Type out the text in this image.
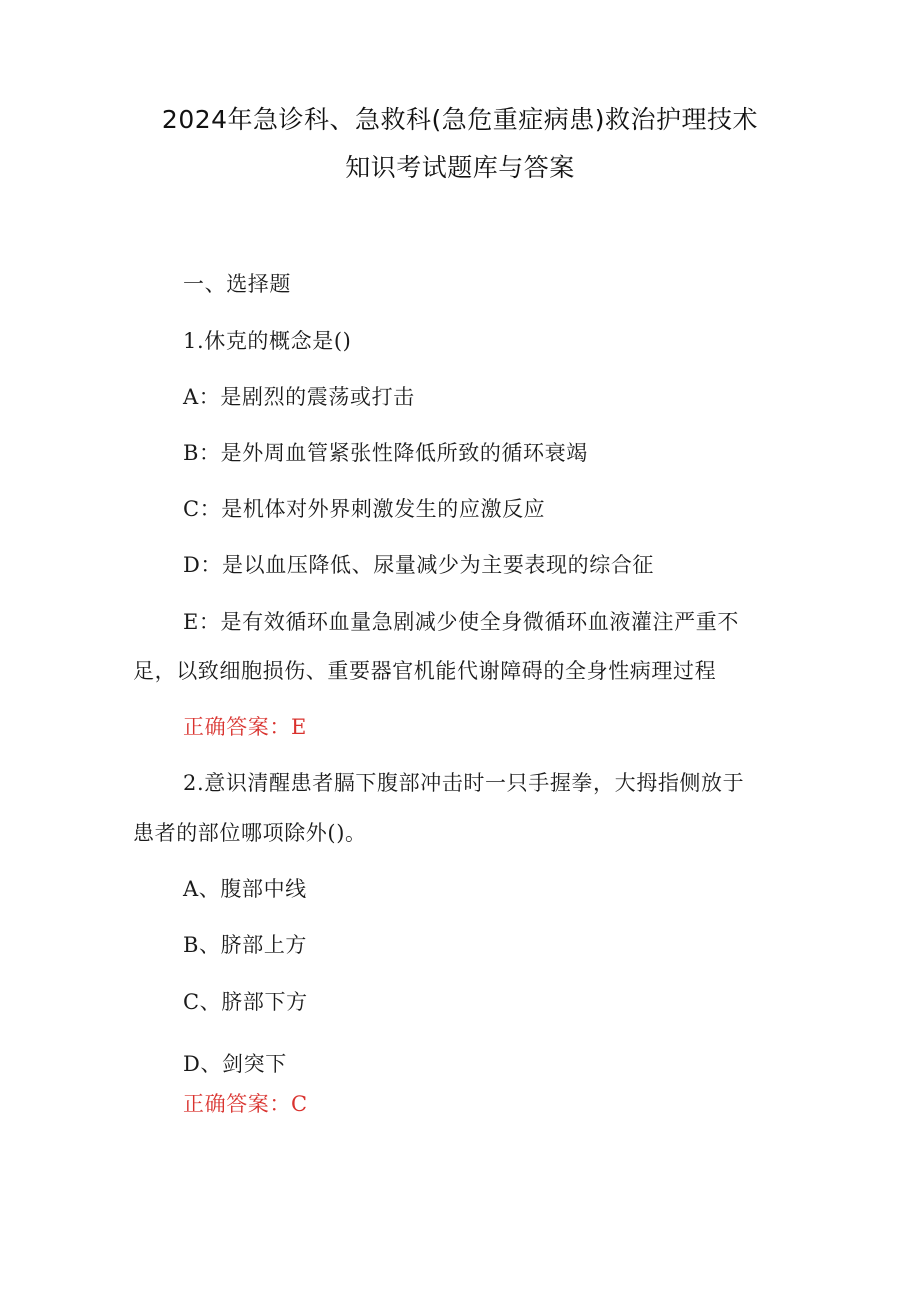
2024年急诊科、急救科(急危重症病患)救治护理技术
知识考试题库与答案
一、选择题
1.休克的概念是()
A：是剧烈的震荡或打击
B：是外周血管紧张性降低所致的循环衰竭
C：是机体对外界刺激发生的应激反应
D：是以血压降低、尿量减少为主要表现的综合征
E：是有效循环血量急剧减少使全身微循环血液灌注严重不
足，以致细胞损伤、重要器官机能代谢障碍的全身性病理过程
正确答案：E
2.意识清醒患者膈下腹部冲击时一只手握拳，大拇指侧放于
患者的部位哪项除外()。
A、腹部中线
B、脐部上方
C、脐部下方
D、剑突下
正确答案：C
